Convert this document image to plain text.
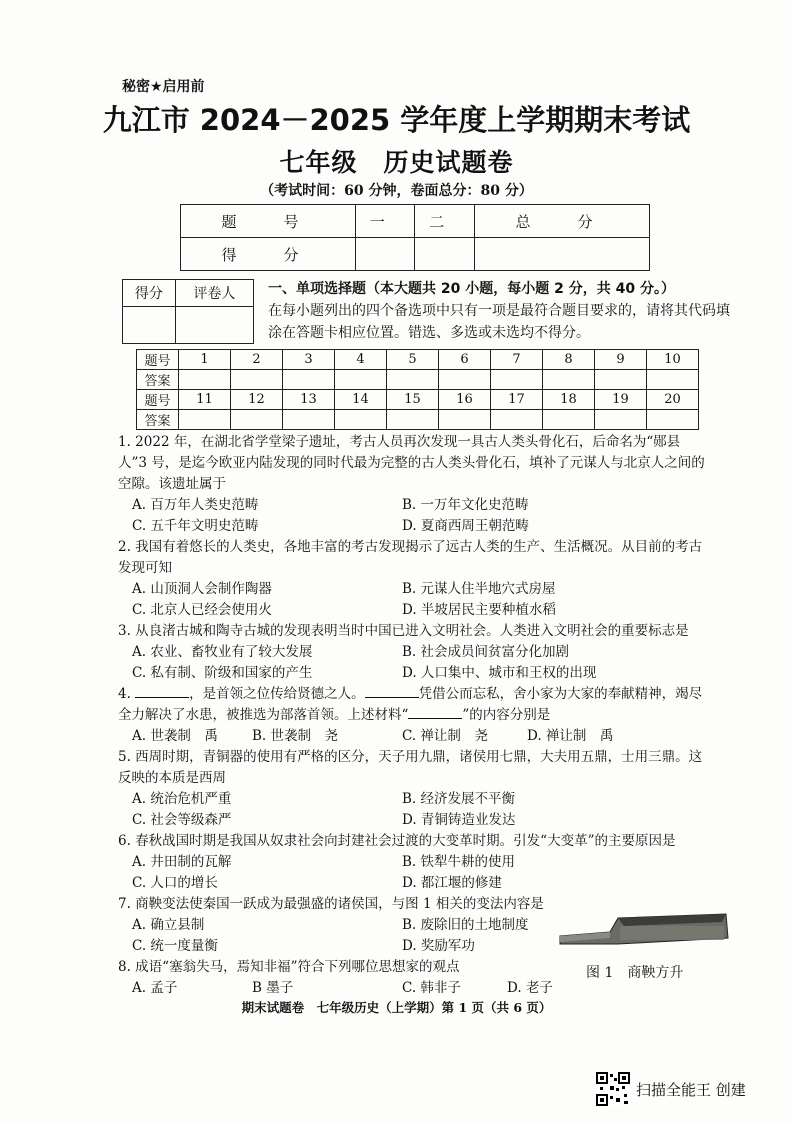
秘密★启用前
九江市 2024－2025 学年度上学期期末考试
七年级　历史试题卷
（考试时间：60 分钟，卷面总分：80 分）
题　号	一	二	总　分
得　分			
得分	评卷人
	一、单项选择题（本大题共 20 小题，每小题 2 分，共 40 分。）
在每小题列出的四个备选项中只有一项是最符合题目要求的，请将其代码填涂在答题卡相应位置。错选、多选或未选均不得分。
题号	1	2	3	4	5	6	7	8	9	10
答案										
题号	11	12	13	14	15	16	17	18	19	20
答案										
1. 2022 年，在湖北省学堂梁子遗址，考古人员再次发现一具古人类头骨化石，后命名为“郧县人”3 号，是迄今欧亚内陆发现的同时代最为完整的古人类头骨化石，填补了元谋人与北京人之间的空隙。该遗址属于
A. 百万年人类史范畴	B. 一万年文化史范畴
C. 五千年文明史范畴	D. 夏商西周王朝范畴
2. 我国有着悠长的人类史，各地丰富的考古发现揭示了远古人类的生产、生活概况。从目前的考古发现可知
A. 山顶洞人会制作陶器	B. 元谋人住半地穴式房屋
C. 北京人已经会使用火	D. 半坡居民主要种植水稻
3. 从良渚古城和陶寺古城的发现表明当时中国已进入文明社会。人类进入文明社会的重要标志是
A. 农业、畜牧业有了较大发展	B. 社会成员间贫富分化加剧
C. 私有制、阶级和国家的产生	D. 人口集中、城市和王权的出现
4.	，是首领之位传给贤德之人。	凭借公而忘私，舍小家为大家的奉献精神，竭尽全力解决了水患，被推选为部落首领。上述材料“	”的内容分别是
A. 世袭制　禹	B. 世袭制　尧	C. 禅让制　尧	D. 禅让制　禹
5. 西周时期，青铜器的使用有严格的区分，天子用九鼎，诸侯用七鼎，大夫用五鼎，士用三鼎。这反映的本质是西周
A. 统治危机严重	B. 经济发展不平衡
C. 社会等级森严	D. 青铜铸造业发达
6. 春秋战国时期是我国从奴隶社会向封建社会过渡的大变革时期。引发“大变革”的主要原因是
A. 井田制的瓦解	B. 铁犁牛耕的使用
C. 人口的增长	D. 都江堰的修建
7. 商鞅变法使秦国一跃成为最强盛的诸侯国，与图 1 相关的变法内容是
A. 确立县制	B. 废除旧的土地制度
C. 统一度量衡	D. 奖励军功
8. 成语“塞翁失马，焉知非福”符合下列哪位思想家的观点
A. 孟子	B 墨子	C. 韩非子	D. 老子
图 1　商鞅方升
期末试题卷　七年级历史（上学期）第 1 页（共 6 页）
扫描全能王 创建
